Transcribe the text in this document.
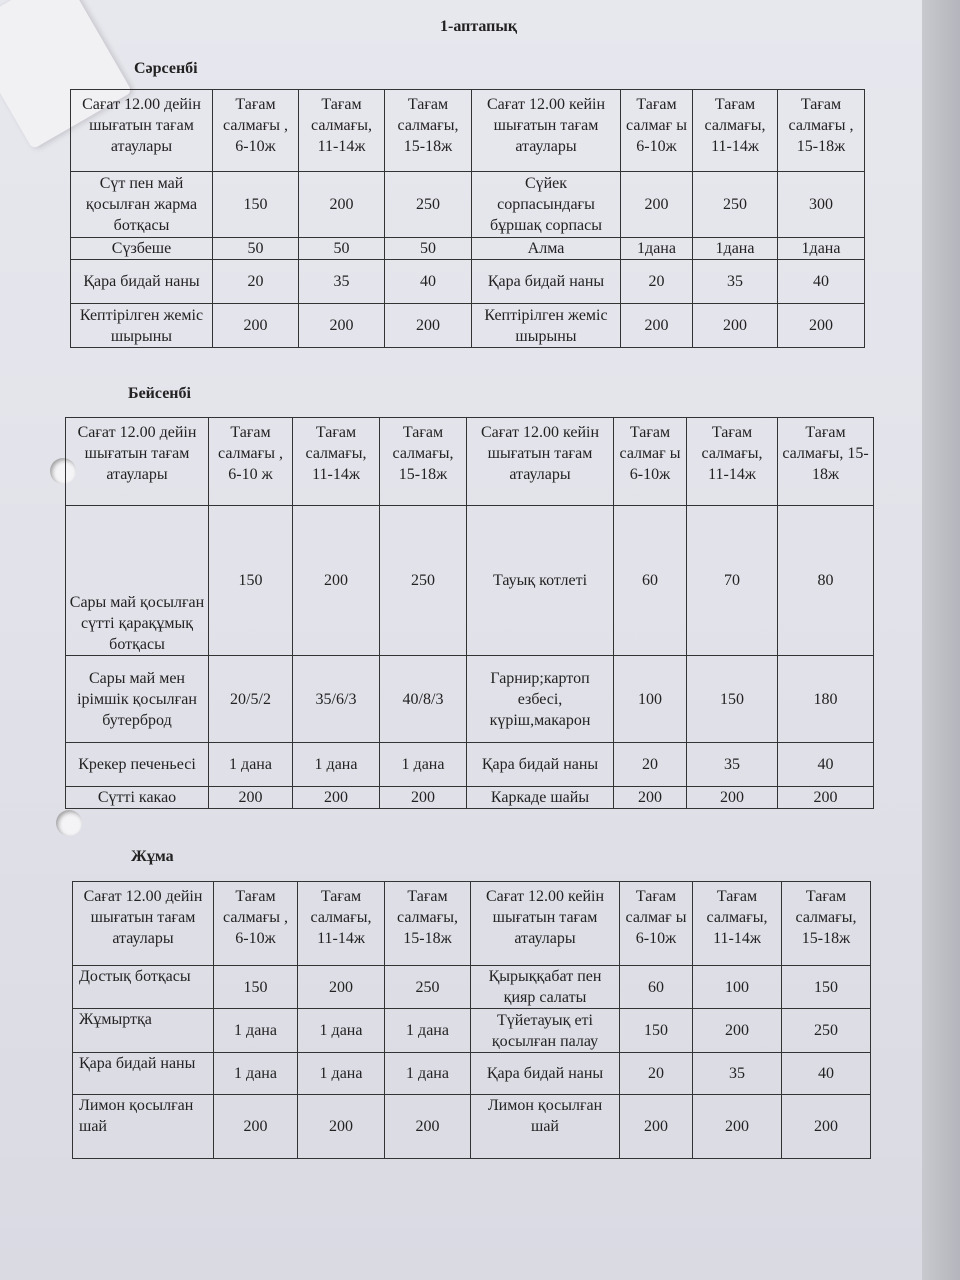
1-аптапық
Сәрсенбі
Сағат 12.00 дейін шығатын тағам атаулары	Тағам салмағы , 6-10ж	Тағам салмағы, 11-14ж	Тағам салмағы, 15-18ж	Сағат 12.00 кейін шығатын тағам атаулары	Тағам салмағ ы 6-10ж	Тағам салмағы, 11-14ж	Тағам салмағы , 15-18ж
Сүт пен май қосылған жарма ботқасы	150	200	250	Сүйек сорпасындағы бұршақ сорпасы	200	250	300
Сүзбеше	50	50	50	Алма	1дана	1дана	1дана
Қара бидай наны	20	35	40	Қара бидай наны	20	35	40
Кептірілген жеміс шырыны	200	200	200	Кептірілген жеміс шырыны	200	200	200
Бейсенбі
Сағат 12.00 дейін шығатын тағам атаулары	Тағам салмағы , 6-10 ж	Тағам салмағы, 11-14ж	Тағам салмағы, 15-18ж	Сағат 12.00 кейін шығатын тағам атаулары	Тағам салмағ ы 6-10ж	Тағам салмағы, 11-14ж	Тағам салмағы, 15-18ж
Сары май қосылған сүтті қарақұмық ботқасы	150	200	250	Тауық котлеті	60	70	80
Сары май мен ірімшік қосылған бутерброд	20/5/2	35/6/3	40/8/3	Гарнир;картоп езбесі, күріш,макарон	100	150	180
Крекер печеньесі	1 дана	1 дана	1 дана	Қара бидай наны	20	35	40
Сүтті какао	200	200	200	Каркаде шайы	200	200	200
Жұма
Сағат 12.00 дейін шығатын тағам атаулары	Тағам салмағы , 6-10ж	Тағам салмағы, 11-14ж	Тағам салмағы, 15-18ж	Сағат 12.00 кейін шығатын тағам атаулары	Тағам салмағ ы 6-10ж	Тағам салмағы, 11-14ж	Тағам салмағы, 15-18ж
Достық ботқасы	150	200	250	Қырыққабат пен қияр салаты	60	100	150
Жұмыртқа	1 дана	1 дана	1 дана	Түйетауық еті қосылған палау	150	200	250
Қара бидай наны	1 дана	1 дана	1 дана	Қара бидай наны	20	35	40
Лимон қосылған шай	200	200	200	Лимон қосылған шай	200	200	200
